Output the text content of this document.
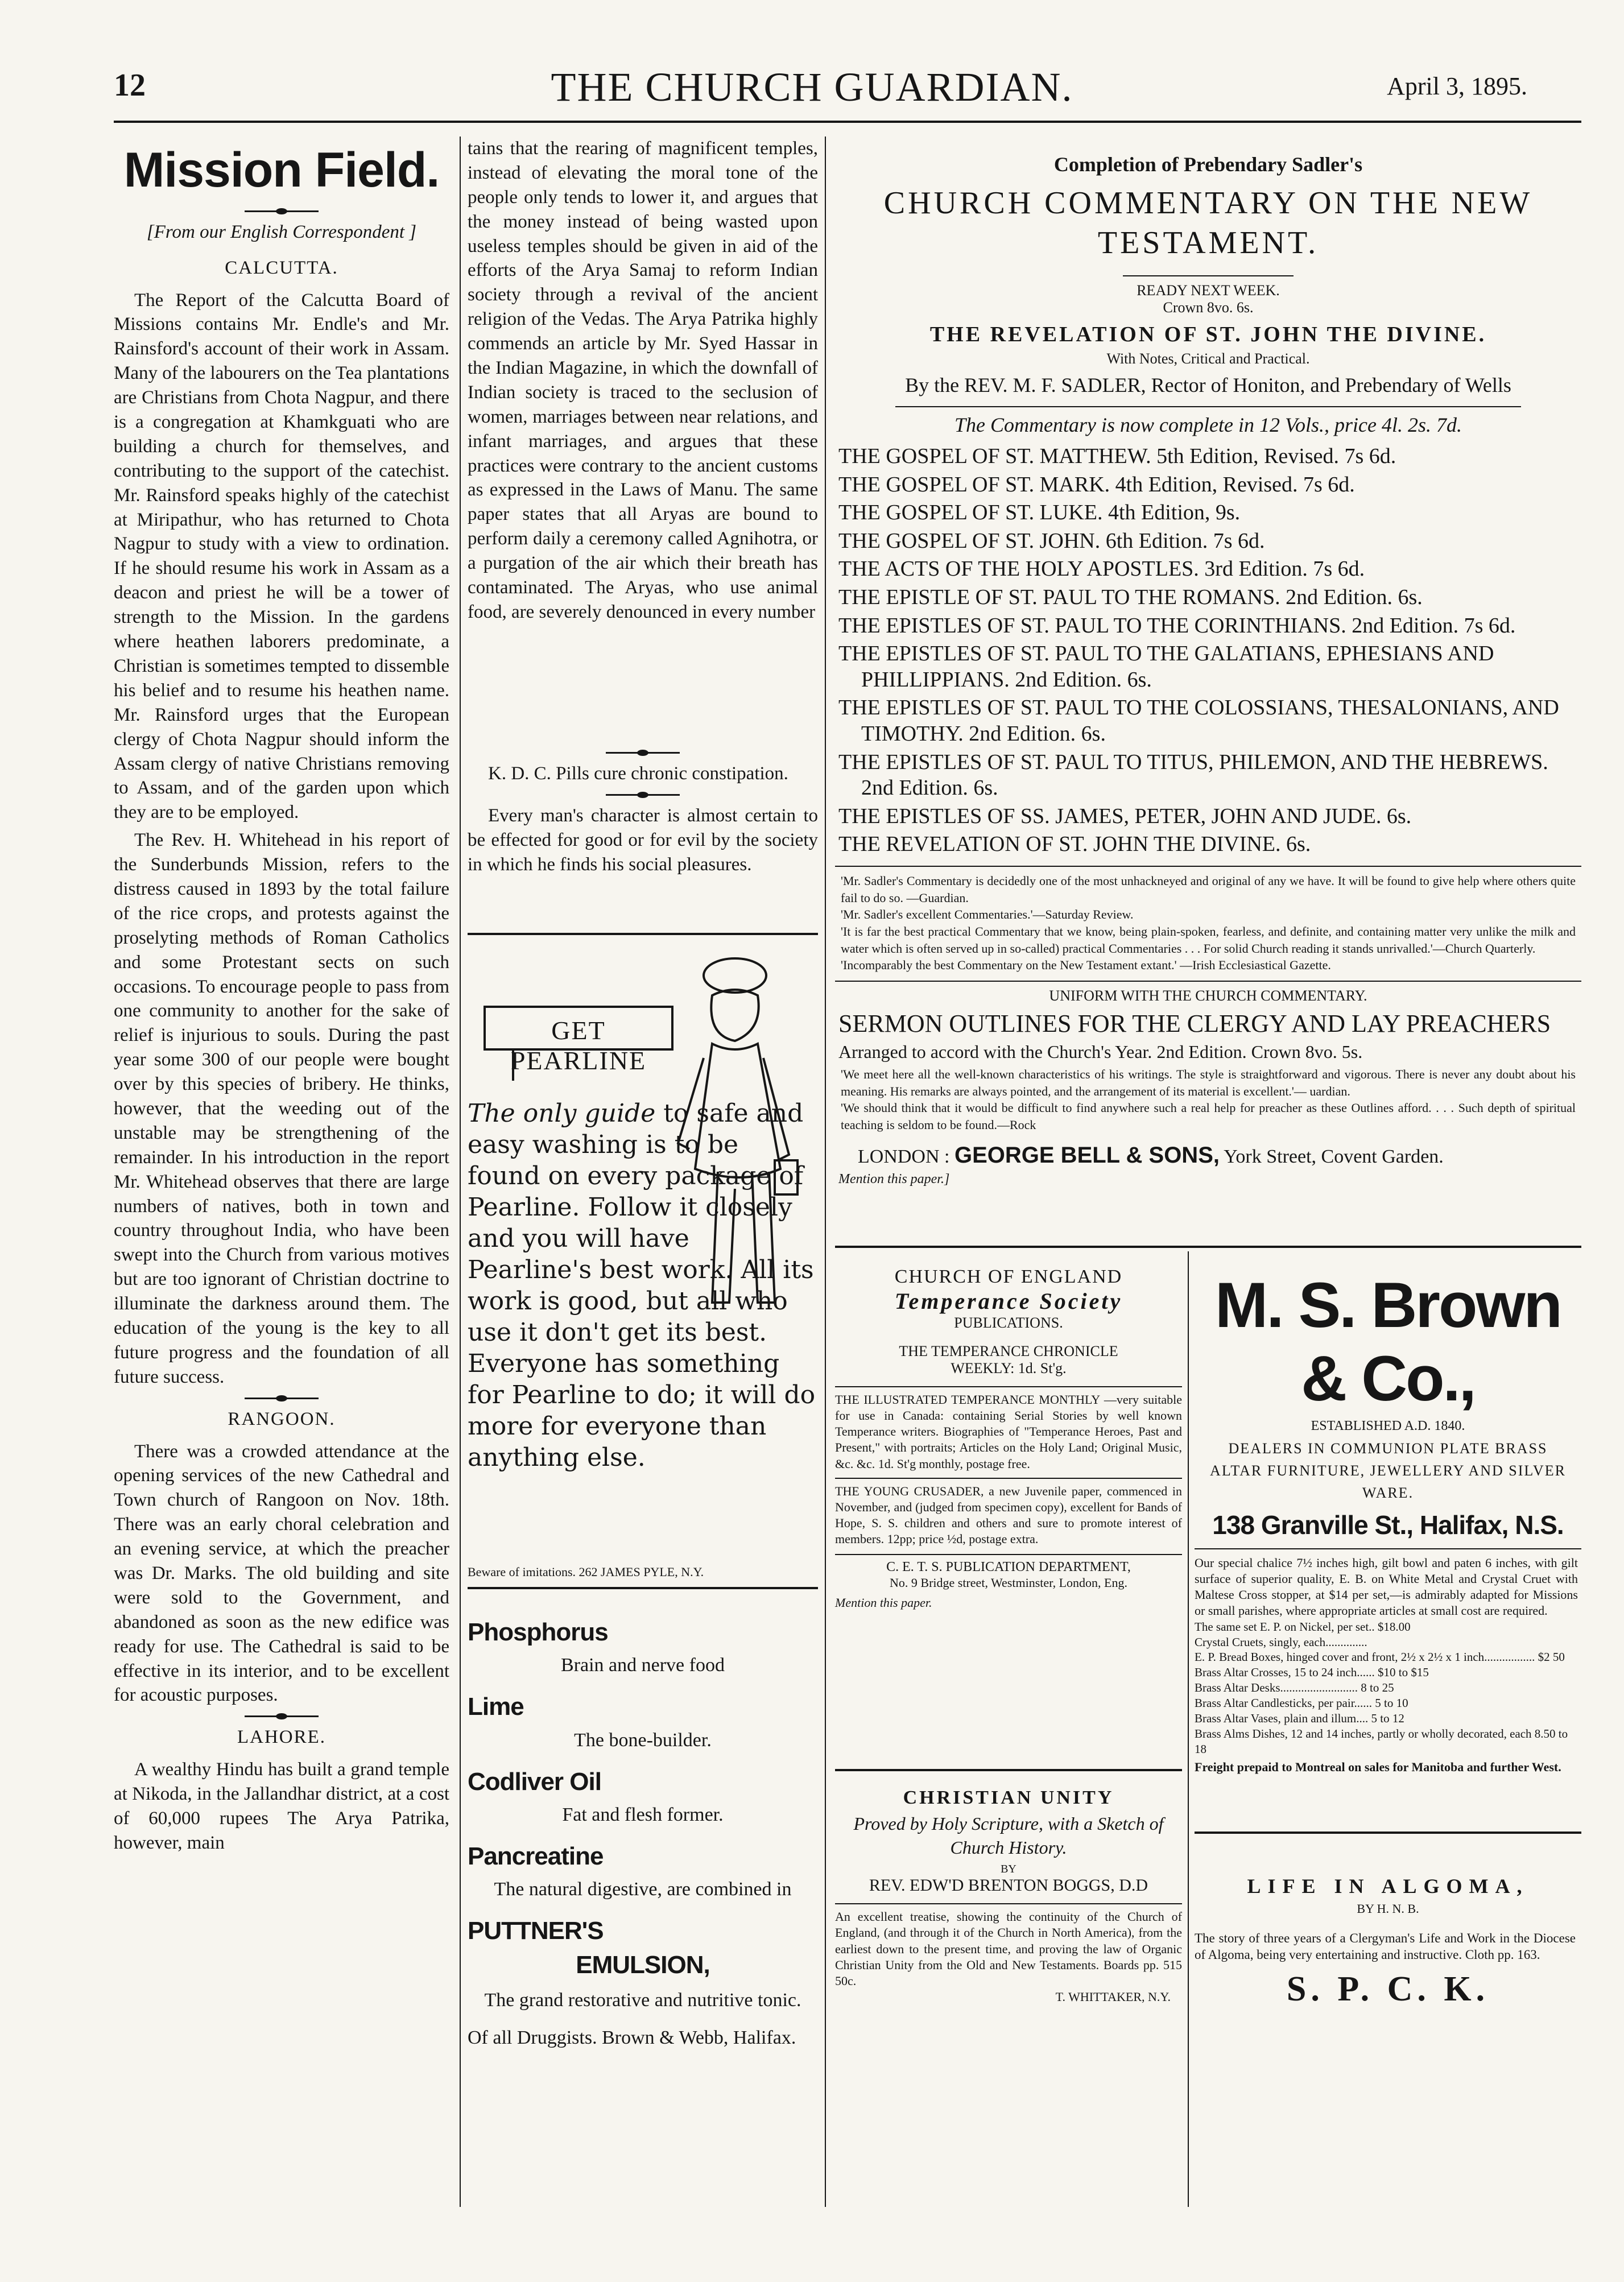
12	THE CHURCH GUARDIAN.	April 3, 1895.
Mission Field.
[From our English Correspondent ]
CALCUTTA.

The Report of the Calcutta Board of Missions contains Mr. Endle's and Mr. Rainsford's account of their work in Assam. Many of the labourers on the Tea plantations are Christians from Chota Nagpur, and there is a congregation at Khamkguati who are building a church for themselves, and contributing to the support of the catechist. Mr. Rainsford speaks highly of the catechist at Miripathur, who has returned to Chota Nagpur to study with a view to ordination. If he should resume his work in Assam as a deacon and priest he will be a tower of strength to the Mission. In the gardens where heathen laborers predominate, a Christian is sometimes tempted to dissemble his belief and to resume his heathen name. Mr. Rainsford urges that the European clergy of Chota Nagpur should inform the Assam clergy of native Christians removing to Assam, and of the garden upon which they are to be employed.

The Rev. H. Whitehead in his report of the Sunderbunds Mission, refers to the distress caused in 1893 by the total failure of the rice crops, and protests against the proselyting methods of Roman Catholics and some Protestant sects on such occasions. To encourage people to pass from one community to another for the sake of relief is injurious to souls. During the past year some 300 of our people were bought over by this species of bribery. He thinks, however, that the weeding out of the unstable may be strengthening of the remainder. In his introduction in the report Mr. Whitehead observes that there are large numbers of natives, both in town and country throughout India, who have been swept into the Church from various motives but are too ignorant of Christian doctrine to illuminate the darkness around them. The education of the young is the key to all future progress and the foundation of all future success.

RANGOON.

There was a crowded attendance at the opening services of the new Cathedral and Town church of Rangoon on Nov. 18th. There was an early choral celebration and an evening service, at which the preacher was Dr. Marks. The old building and site were sold to the Government, and abandoned as soon as the new edifice was ready for use. The Cathedral is said to be effective in its interior, and to be excellent for acoustic purposes.

LAHORE.

A wealthy Hindu has built a grand temple at Nikoda, in the Jallandhar district, at a cost of 60,000 rupees The Arya Patrika, however, main

tains that the rearing of magnificent temples, instead of elevating the moral tone of the people only tends to lower it, and argues that the money instead of being wasted upon useless temples should be given in aid of the efforts of the Arya Samaj to reform Indian society through a revival of the ancient religion of the Vedas. The Arya Patrika highly commends an article by Mr. Syed Hassar in the Indian Magazine, in which the downfall of Indian society is traced to the seclusion of women, marriages between near relations, and infant marriages, and argues that these practices were contrary to the ancient customs as expressed in the Laws of Manu. The same paper states that all Aryas are bound to perform daily a ceremony called Agnihotra, or a purgation of the air which their breath has contaminated. The Aryas, who use animal food, are severely denounced in every number

K. D. C. Pills cure chronic constipation.

Every man's character is almost certain to be effected for good or for evil by the society in which he finds his social pleasures.

GET PEARLINE
The only guide to safe and easy washing is to be found on every package of Pearline. Follow it closely and you will have Pearline's best work. All its work is good, but all who use it don't get its best. Everyone has something for Pearline to do; it will do more for everyone than anything else.
Beware of imitations. 262 JAMES PYLE, N.Y.
Phosphorus
Brain and nerve food
Lime
The bone-builder.
Codliver Oil
Fat and flesh former.
Pancreatine
The natural digestive, are combined in
PUTTNER'S
EMULSION,
The grand restorative and nutritive tonic.
Of all Druggists. Brown & Webb, Halifax.
Completion of Prebendary Sadler's
CHURCH COMMENTARY ON THE NEW TESTAMENT.
READY NEXT WEEK. Crown 8vo. 6s.
THE REVELATION OF ST. JOHN THE DIVINE.
With Notes, Critical and Practical.
By the REV. M. F. SADLER, Rector of Honiton, and Prebendary of Wells
The Commentary is now complete in 12 Vols., price 4l. 2s. 7d.
THE GOSPEL OF ST. MATTHEW. 5th Edition, Revised. 7s 6d.
THE GOSPEL OF ST. MARK. 4th Edition, Revised. 7s 6d.
THE GOSPEL OF ST. LUKE. 4th Edition, 9s.
THE GOSPEL OF ST. JOHN. 6th Edition. 7s 6d.
THE ACTS OF THE HOLY APOSTLES. 3rd Edition. 7s 6d.
THE EPISTLE OF ST. PAUL TO THE ROMANS. 2nd Edition. 6s.
THE EPISTLES OF ST. PAUL TO THE CORINTHIANS. 2nd Edition. 7s 6d.
THE EPISTLES OF ST. PAUL TO THE GALATIANS, EPHESIANS AND PHILLIPPIANS. 2nd Edition. 6s.
THE EPISTLES OF ST. PAUL TO THE COLOSSIANS, THESALONIANS, AND TIMOTHY. 2nd Edition. 6s.
THE EPISTLES OF ST. PAUL TO TITUS, PHILEMON, AND THE HEBREWS. 2nd Edition. 6s.
THE EPISTLES OF SS. JAMES, PETER, JOHN AND JUDE. 6s.
THE REVELATION OF ST. JOHN THE DIVINE. 6s.
'Mr. Sadler's Commentary is decidedly one of the most unhackneyed and original of any we have. It will be found to give help where others quite fail to do so. —Guardian.
'Mr. Sadler's excellent Commentaries.'—Saturday Review.
'It is far the best practical Commentary that we know, being plain-spoken, fearless, and definite, and containing matter very unlike the milk and water which is often served up in so-called) practical Commentaries . . . For solid Church reading it stands unrivalled.'—Church Quarterly.
'Incomparably the best Commentary on the New Testament extant.' —Irish Ecclesiastical Gazette.
UNIFORM WITH THE CHURCH COMMENTARY.
SERMON OUTLINES FOR THE CLERGY AND LAY PREACHERS
Arranged to accord with the Church's Year. 2nd Edition. Crown 8vo. 5s.
'We meet here all the well-known characteristics of his writings. The style is straightforward and vigorous. There is never any doubt about his meaning. His remarks are always pointed, and the arrangement of its material is excellent.'— uardian.
'We should think that it would be difficult to find anywhere such a real help for preacher as these Outlines afford. . . . Such depth of spiritual teaching is seldom to be found.—Rock
LONDON : GEORGE BELL & SONS, York Street, Covent Garden.
Mention this paper.]
CHURCH OF ENGLAND
Temperance Society
PUBLICATIONS.
THE TEMPERANCE CHRONICLE
WEEKLY: 1d. St'g.
THE ILLUSTRATED TEMPERANCE MONTHLY —very suitable for use in Canada: containing Serial Stories by well known Temperance writers. Biographies of "Temperance Heroes, Past and Present," with portraits; Articles on the Holy Land; Original Music, &c. &c. 1d. St'g monthly, postage free.
THE YOUNG CRUSADER, a new Juvenile paper, commenced in November, and (judged from specimen copy), excellent for Bands of Hope, S. S. children and others and sure to promote interest of members. 12pp; price ½d, postage extra.
C. E. T. S. PUBLICATION DEPARTMENT,
No. 9 Bridge street, Westminster, London, Eng.
Mention this paper.
CHRISTIAN UNITY
Proved by Holy Scripture, with a Sketch of Church History.
BY
REV. EDW'D BRENTON BOGGS, D.D
An excellent treatise, showing the continuity of the Church of England, (and through it of the Church in North America), from the earliest down to the present time, and proving the law of Organic Christian Unity from the Old and New Testaments. Boards pp. 515 50c.
T. WHITTAKER, N.Y.
M. S. Brown & Co.,
ESTABLISHED A.D. 1840.
DEALERS IN COMMUNION PLATE BRASS ALTAR FURNITURE, JEWELLERY AND SILVER WARE.
138 Granville St., Halifax, N.S.
Our special chalice 7½ inches high, gilt bowl and paten 6 inches, with gilt surface of superior quality, E. B. on White Metal and Crystal Cruet with Maltese Cross stopper, at $14 per set,—is admirably adapted for Missions or small parishes, where appropriate articles at small cost are required.
The same set E. P. on Nickel, per set.. $18.00
Crystal Cruets, singly, each..............
E. P. Bread Boxes, hinged cover and front, 2½ x 2½ x 1 inch................. $2 50
Brass Altar Crosses, 15 to 24 inch...... $10 to $15
Brass Altar Desks.......................... 8 to 25
Brass Altar Candlesticks, per pair...... 5 to 10
Brass Altar Vases, plain and illum.... 5 to 12
Brass Alms Dishes, 12 and 14 inches, partly or wholly decorated, each 8.50 to 18
Freight prepaid to Montreal on sales for Manitoba and further West.
LIFE IN ALGOMA,
BY H. N. B.
The story of three years of a Clergyman's Life and Work in the Diocese of Algoma, being very entertaining and instructive. Cloth pp. 163.
S. P. C. K.
